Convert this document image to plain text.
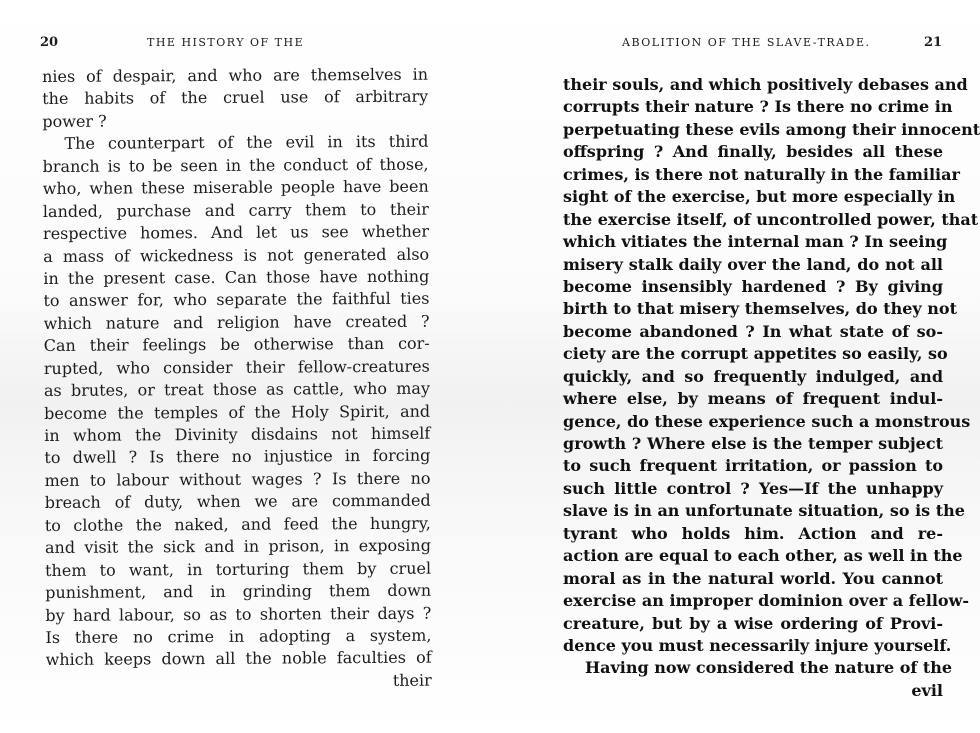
20	THE HISTORY OF THE
nies of despair, and who are themselves in
the habits of the cruel use of arbitrary
power ?
The counterpart of the evil in its third
branch is to be seen in the conduct of those,
who, when these miserable people have been
landed, purchase and carry them to their
respective homes. And let us see whether
a mass of wickedness is not generated also
in the present case. Can those have nothing
to answer for, who separate the faithful ties
which nature and religion have created ?
Can their feelings be otherwise than cor-
rupted, who consider their fellow-creatures
as brutes, or treat those as cattle, who may
become the temples of the Holy Spirit, and
in whom the Divinity disdains not himself
to dwell ? Is there no injustice in forcing
men to labour without wages ? Is there no
breach of duty, when we are commanded
to clothe the naked, and feed the hungry,
and visit the sick and in prison, in exposing
them to want, in torturing them by cruel
punishment, and in grinding them down
by hard labour, so as to shorten their days ?
Is there no crime in adopting a system,
which keeps down all the noble faculties of
their
ABOLITION OF THE SLAVE-TRADE.	21
their souls, and which positively debases and
corrupts their nature ? Is there no crime in
perpetuating these evils among their innocent
offspring ? And finally, besides all these
crimes, is there not naturally in the familiar
sight of the exercise, but more especially in
the exercise itself, of uncontrolled power, that
which vitiates the internal man ? In seeing
misery stalk daily over the land, do not all
become insensibly hardened ? By giving
birth to that misery themselves, do they not
become abandoned ? In what state of so-
ciety are the corrupt appetites so easily, so
quickly, and so frequently indulged, and
where else, by means of frequent indul-
gence, do these experience such a monstrous
growth ? Where else is the temper subject
to such frequent irritation, or passion to
such little control ? Yes—If the unhappy
slave is in an unfortunate situation, so is the
tyrant who holds him. Action and re-
action are equal to each other, as well in the
moral as in the natural world. You cannot
exercise an improper dominion over a fellow-
creature, but by a wise ordering of Provi-
dence you must necessarily injure yourself.
Having now considered the nature of the
evil
